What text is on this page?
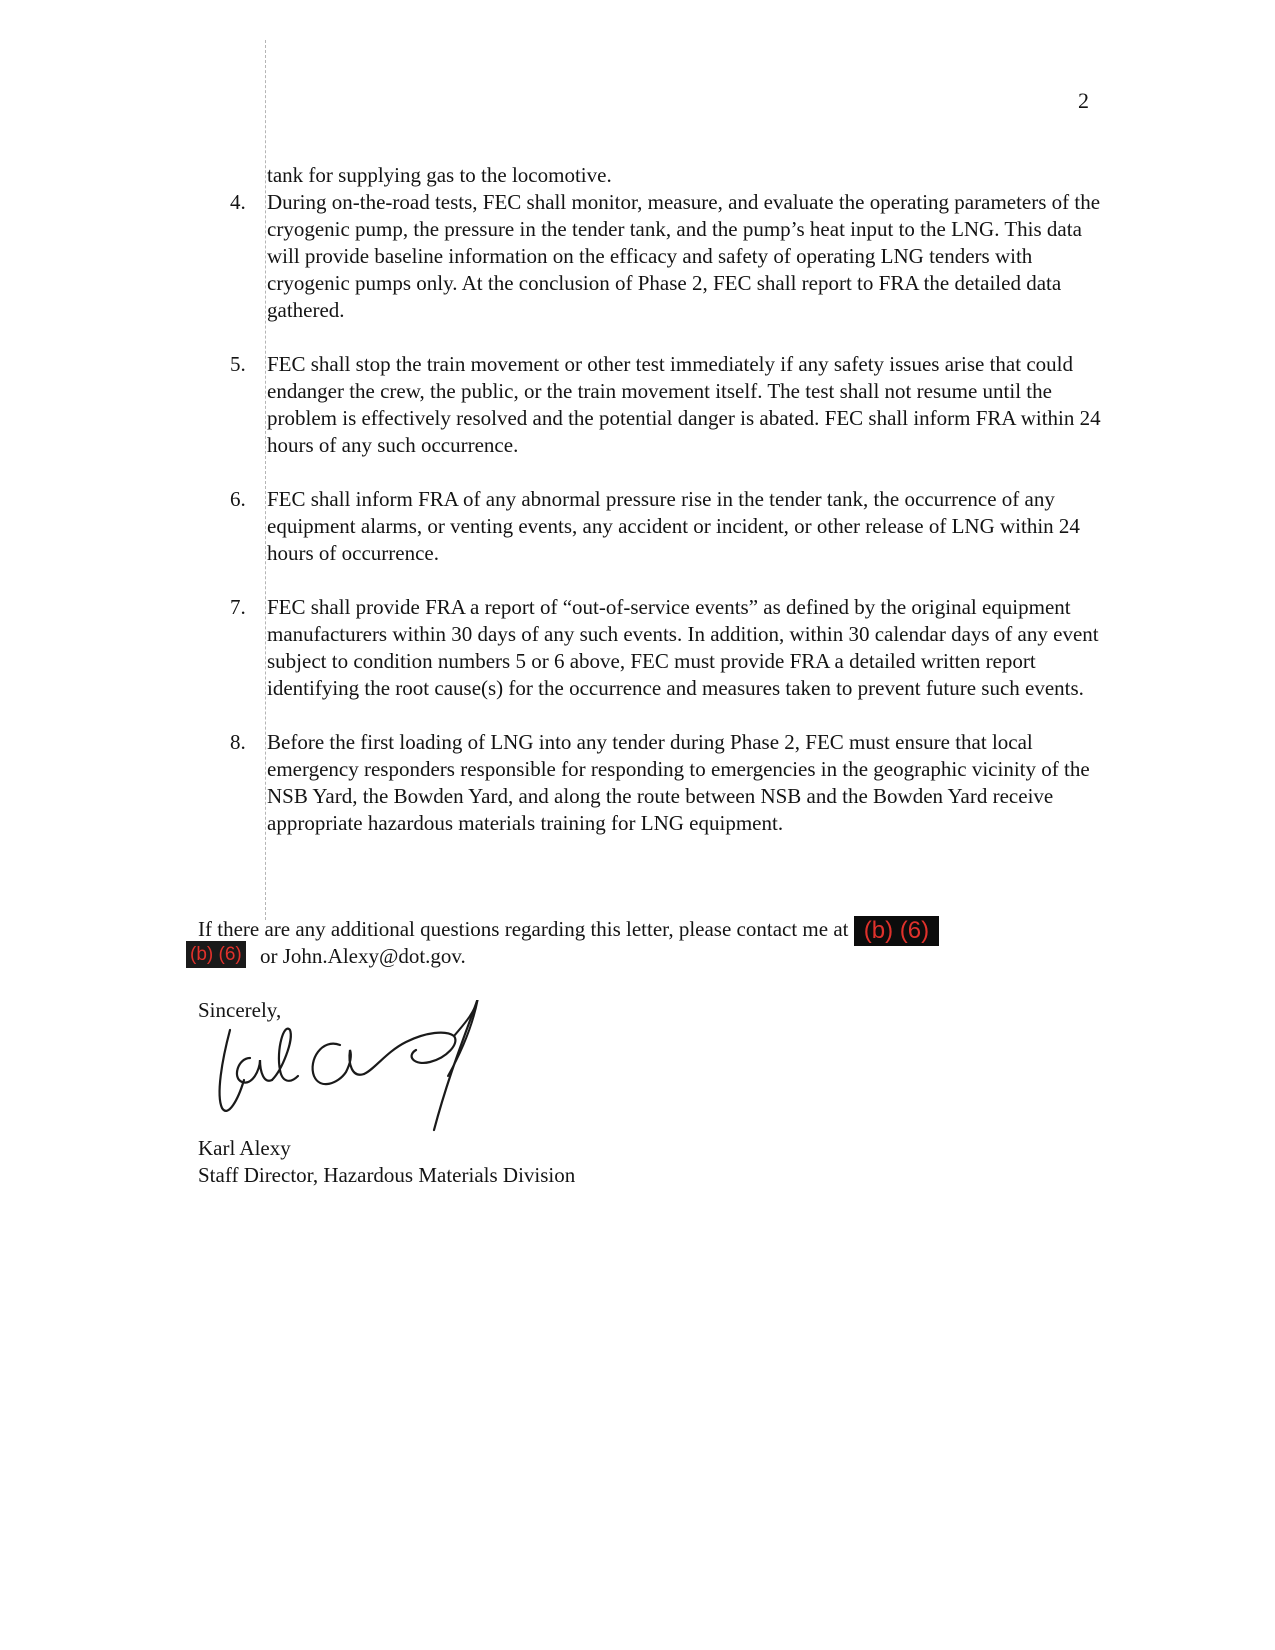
2
tank for supplying gas to the locomotive.
4. During on-the-road tests, FEC shall monitor, measure, and evaluate the operating parameters of the cryogenic pump, the pressure in the tender tank, and the pump’s heat input to the LNG. This data will provide baseline information on the efficacy and safety of operating LNG tenders with cryogenic pumps only. At the conclusion of Phase 2, FEC shall report to FRA the detailed data gathered.
5. FEC shall stop the train movement or other test immediately if any safety issues arise that could endanger the crew, the public, or the train movement itself. The test shall not resume until the problem is effectively resolved and the potential danger is abated. FEC shall inform FRA within 24 hours of any such occurrence.
6. FEC shall inform FRA of any abnormal pressure rise in the tender tank, the occurrence of any equipment alarms, or venting events, any accident or incident, or other release of LNG within 24 hours of occurrence.
7. FEC shall provide FRA a report of “out-of-service events” as defined by the original equipment manufacturers within 30 days of any such events. In addition, within 30 calendar days of any event subject to condition numbers 5 or 6 above, FEC must provide FRA a detailed written report identifying the root cause(s) for the occurrence and measures taken to prevent future such events.
8. Before the first loading of LNG into any tender during Phase 2, FEC must ensure that local emergency responders responsible for responding to emergencies in the geographic vicinity of the NSB Yard, the Bowden Yard, and along the route between NSB and the Bowden Yard receive appropriate hazardous materials training for LNG equipment.
If there are any additional questions regarding this letter, please contact me at (b) (6)
(b) (6) or John.Alexy@dot.gov.
Sincerely,
Karl Alexy
Staff Director, Hazardous Materials Division
